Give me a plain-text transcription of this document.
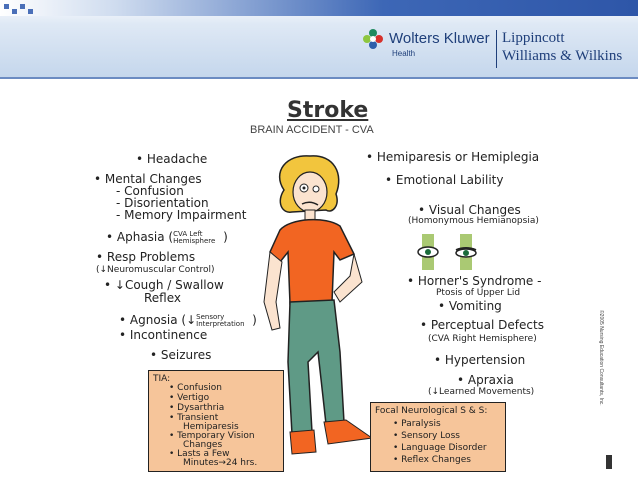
Wolters Kluwer
Health
Lippincott
Williams & Wilkins
Stroke
BRAIN ACCIDENT - CVA
• Headache
• Mental Changes
- Confusion
- Disorientation
- Memory Impairment
• Aphasia (CVA Left Hemisphere )
• Resp Problems
(↓Neuromuscular Control)
• ↓Cough / Swallow
Reflex
• Agnosia (↓Sensory Interpretation )
• Incontinence
• Seizures
• Hemiparesis or Hemiplegia
• Emotional Lability
• Visual Changes
(Homonymous Hemianopsia)
• Horner's Syndrome -
Ptosis of Upper Lid
• Vomiting
• Perceptual Defects
(CVA Right Hemisphere)
• Hypertension
• Apraxia
(↓Learned Movements)
TIA:
• Confusion
• Vertigo
• Dysarthria
• Transient
Hemiparesis
• Temporary Vision
Changes
• Lasts a Few
Minutes→24 hrs.
Focal Neurological S & S:
• Paralysis
• Sensory Loss
• Language Disorder
• Reflex Changes
©2005 Nursing Education Consultants, Inc.
